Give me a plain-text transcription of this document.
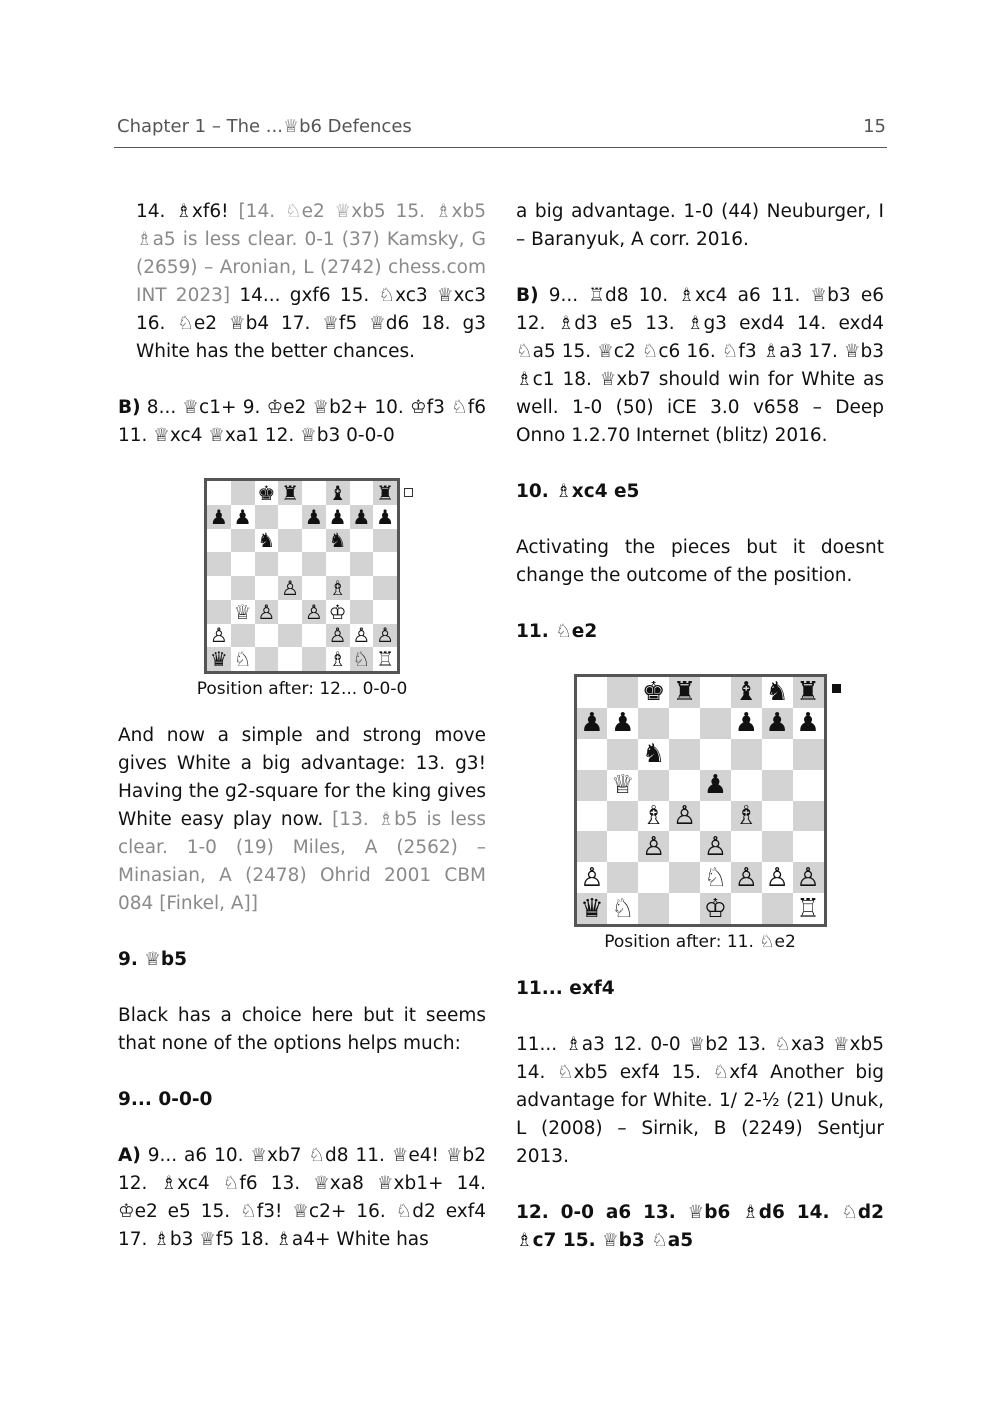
Chapter 1 – The ...♕b6 Defences	15

14. ♗xf6! [14. ♘e2 ♕xb5 15. ♗xb5 ♗a5 is less clear. 0-1 (37) Kamsky, G (2659) – Aronian, L (2742) chess.com INT 2023] 14... gxf6 15. ♘xc3 ♕xc3 16. ♘e2 ♕b4 17. ♕f5 ♕d6 18. g3 White has the better chances.

B) 8... ♕c1+ 9. ♔e2 ♕b2+ 10. ♔f3 ♘f6 11. ♕xc4 ♕xa1 12. ♕b3 0-0-0

♚ ♜ ♝ ♜
♟ ♟	♟ ♟ ♟ ♟
♞	♞
♙ ♗
♕ ♙ ♙ ♔
♙	♙ ♙ ♙
♛ ♘	♗ ♘ ♖
Position after: 12... 0-0-0

And now a simple and strong move gives White a big advantage: 13. g3! Having the g2-square for the king gives White easy play now. [13. ♗b5 is less clear. 1-0 (19) Miles, A (2562) – Minasian, A (2478) Ohrid 2001 CBM 084 [Finkel, A]]

9. ♕b5

Black has a choice here but it seems that none of the options helps much:

9... 0-0-0

A) 9... a6 10. ♕xb7 ♘d8 11. ♕e4! ♕b2 12. ♗xc4 ♘f6 13. ♕xa8 ♕xb1+ 14. ♔e2 e5 15. ♘f3! ♕c2+ 16. ♘d2 exf4 17. ♗b3 ♕f5 18. ♗a4+ White has

a big advantage. 1-0 (44) Neuburger, I – Baranyuk, A corr. 2016.

B) 9... ♖d8 10. ♗xc4 a6 11. ♕b3 e6 12. ♗d3 e5 13. ♗g3 exd4 14. exd4 ♘a5 15. ♕c2 ♘c6 16. ♘f3 ♗a3 17. ♕b3 ♗c1 18. ♕xb7 should win for White as well. 1-0 (50) iCE 3.0 v658 – Deep Onno 1.2.70 Internet (blitz) 2016.

10. ♗xc4 e5

Activating the pieces but it doesnt change the outcome of the position.

11. ♘e2

♚ ♜ ♝ ♞ ♜
♟ ♟	♟ ♟ ♟
♞
♕	♟
♗ ♙ ♗
♙ ♙
♙	♘ ♙ ♙ ♙
♛ ♘	♔	♖
Position after: 11. ♘e2

11... exf4

11... ♗a3 12. 0-0 ♕b2 13. ♘xa3 ♕xb5 14. ♘xb5 exf4 15. ♘xf4 Another big advantage for White. 1/ 2-½ (21) Unuk, L (2008) – Sirnik, B (2249) Sentjur 2013.

12. 0-0 a6 13. ♕b6 ♗d6 14. ♘d2 ♗c7 15. ♕b3 ♘a5
